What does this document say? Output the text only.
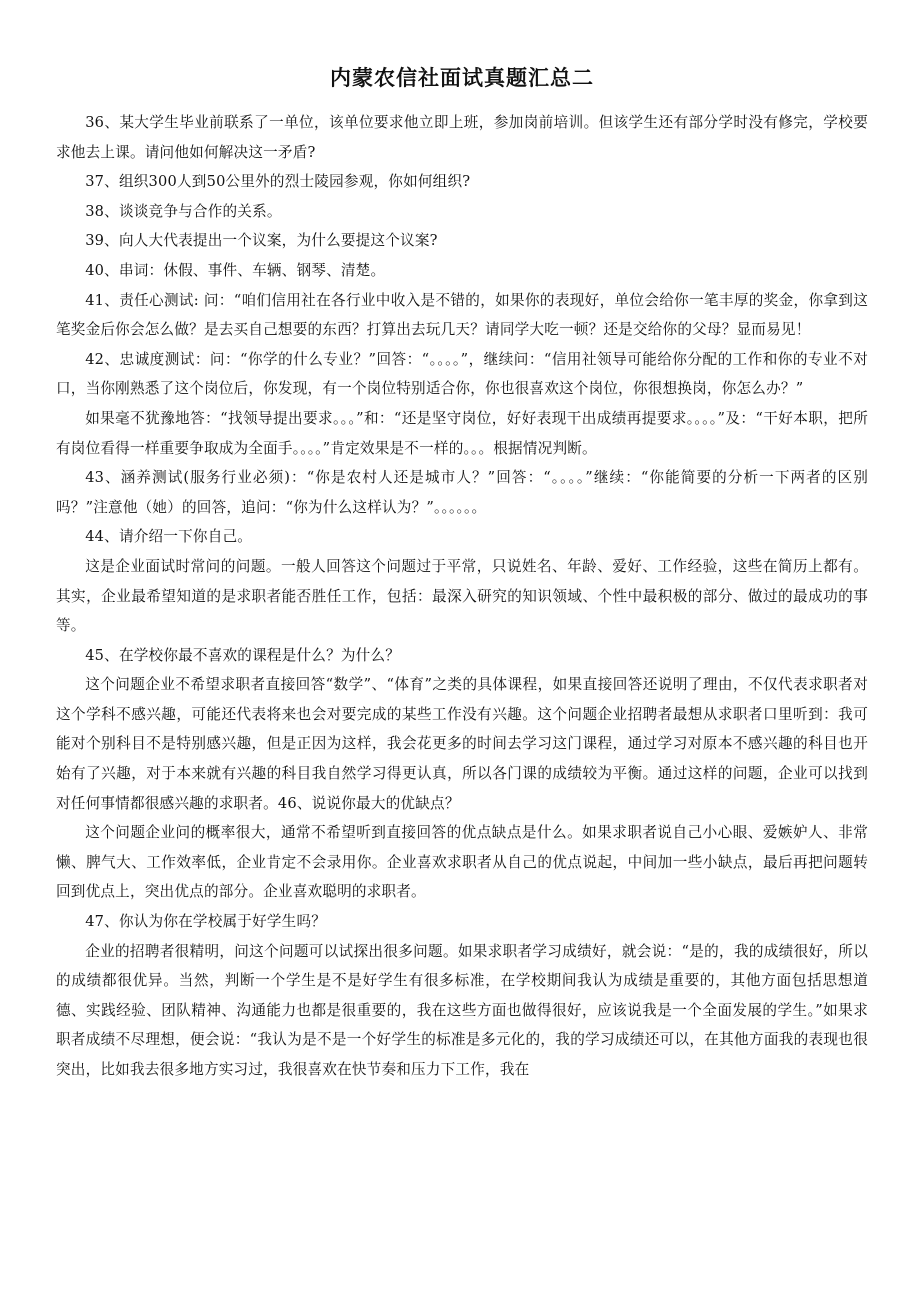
内蒙农信社面试真题汇总二

36、某大学生毕业前联系了一单位，该单位要求他立即上班，参加岗前培训。但该学生还有部分学时没有修完，学校要求他去上课。请问他如何解决这一矛盾?

37、组织300人到50公里外的烈士陵园参观，你如何组织?

38、谈谈竞争与合作的关系。

39、向人大代表提出一个议案，为什么要提这个议案?

40、串词：休假、事件、车辆、钢琴、清楚。

41、责任心测试: 问：“咱们信用社在各行业中收入是不错的，如果你的表现好，单位会给你一笔丰厚的奖金，你拿到这笔奖金后你会怎么做？是去买自己想要的东西？打算出去玩几天？请同学大吃一顿？还是交给你的父母？显而易见！

42、忠诚度测试：问：“你学的什么专业？”回答：“。。。。”，继续问：“信用社领导可能给你分配的工作和你的专业不对口，当你刚熟悉了这个岗位后，你发现，有一个岗位特别适合你，你也很喜欢这个岗位，你很想换岗，你怎么办？”

如果毫不犹豫地答：“找领导提出要求。。。”和：“还是坚守岗位，好好表现干出成绩再提要求。。。。”及：“干好本职，把所有岗位看得一样重要争取成为全面手。。。。”肯定效果是不一样的。。。根据情况判断。

43、涵养测试(服务行业必须)：“你是农村人还是城市人？”回答：“。。。。”继续：“你能简要的分析一下两者的区别吗？”注意他（她）的回答，追问：“你为什么这样认为？”。。。。。。

44、请介绍一下你自己。

这是企业面试时常问的问题。一般人回答这个问题过于平常，只说姓名、年龄、爱好、工作经验，这些在简历上都有。其实，企业最希望知道的是求职者能否胜任工作，包括：最深入研究的知识领域、个性中最积极的部分、做过的最成功的事等。

45、在学校你最不喜欢的课程是什么？为什么？

这个问题企业不希望求职者直接回答“数学”、“体育”之类的具体课程，如果直接回答还说明了理由，不仅代表求职者对这个学科不感兴趣，可能还代表将来也会对要完成的某些工作没有兴趣。这个问题企业招聘者最想从求职者口里听到：我可能对个别科目不是特别感兴趣，但是正因为这样，我会花更多的时间去学习这门课程，通过学习对原本不感兴趣的科目也开始有了兴趣，对于本来就有兴趣的科目我自然学习得更认真，所以各门课的成绩较为平衡。通过这样的问题，企业可以找到对任何事情都很感兴趣的求职者。46、说说你最大的优缺点？

这个问题企业问的概率很大，通常不希望听到直接回答的优点缺点是什么。如果求职者说自己小心眼、爱嫉妒人、非常懒、脾气大、工作效率低，企业肯定不会录用你。企业喜欢求职者从自己的优点说起，中间加一些小缺点，最后再把问题转回到优点上，突出优点的部分。企业喜欢聪明的求职者。

47、你认为你在学校属于好学生吗？

企业的招聘者很精明，问这个问题可以试探出很多问题。如果求职者学习成绩好，就会说：“是的，我的成绩很好，所以的成绩都很优异。当然，判断一个学生是不是好学生有很多标准，在学校期间我认为成绩是重要的，其他方面包括思想道德、实践经验、团队精神、沟通能力也都是很重要的，我在这些方面也做得很好，应该说我是一个全面发展的学生。”如果求职者成绩不尽理想，便会说：“我认为是不是一个好学生的标准是多元化的，我的学习成绩还可以，在其他方面我的表现也很突出，比如我去很多地方实习过，我很喜欢在快节奏和压力下工作，我在
